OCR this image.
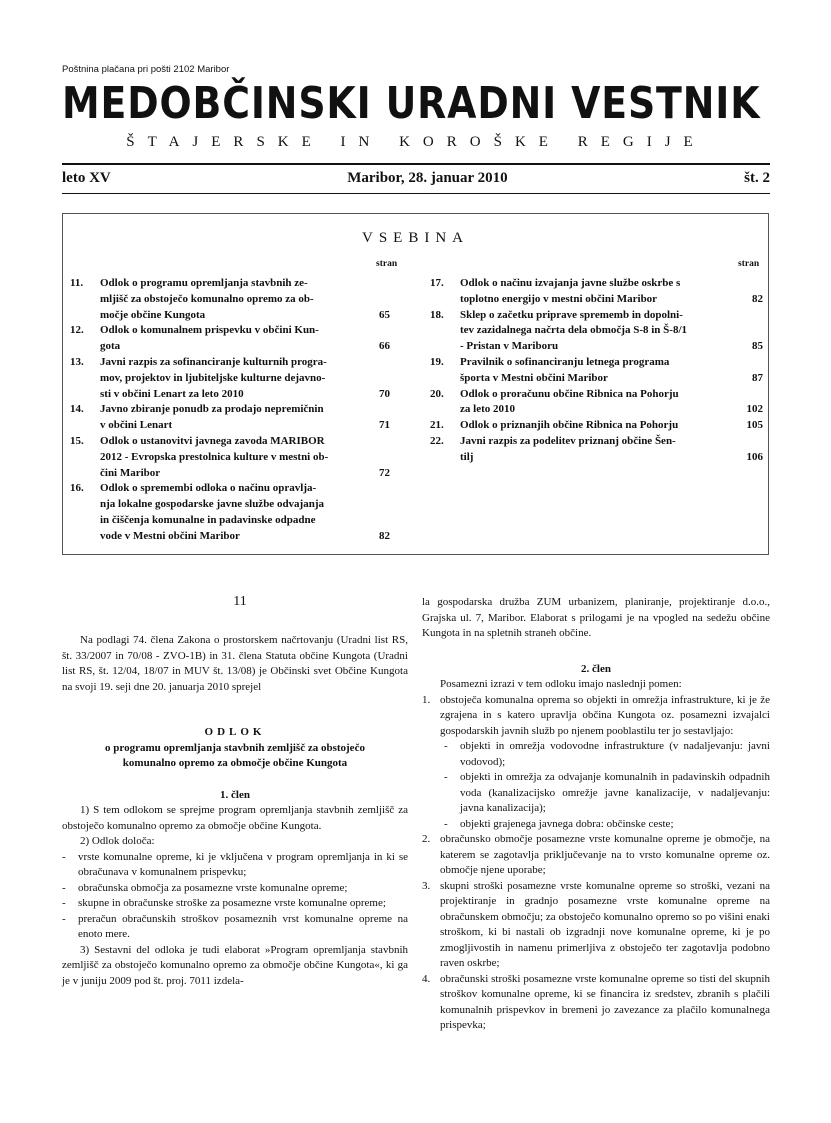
Poštnina plačana pri pošti 2102 Maribor
MEDOBČINSKI URADNI VESTNIK
ŠTAJERSKE IN KOROŠKE REGIJE
leto XV	Maribor, 28. januar 2010	št. 2
VSEBINA
stran	stran
11.	Odlok o programu opremljanja stavbnih ze-
mljišč za obstoječo komunalno opremo za ob-
močje občine Kungota	65
12.	Odlok o komunalnem prispevku v občini Kun-
gota	66
13.	Javni razpis za sofinanciranje kulturnih progra-
mov, projektov in ljubiteljske kulturne dejavno-
sti v občini Lenart za leto 2010	70
14.	Javno zbiranje ponudb za prodajo nepremičnin
v občini Lenart	71
15.	Odlok o ustanovitvi javnega zavoda MARIBOR
2012 - Evropska prestolnica kulture v mestni ob-
čini Maribor	72
16.	Odlok o spremembi odloka o načinu opravlja-
nja lokalne gospodarske javne službe odvajanja
in čiščenja komunalne in padavinske odpadne
vode v Mestni občini Maribor	82
17.	Odlok o načinu izvajanja javne službe oskrbe s
toplotno energijo v mestni občini Maribor	82
18.	Sklep o začetku priprave sprememb in dopolni-
tev zazidalnega načrta dela območja S-8 in Š-8/1
- Pristan v Mariboru	85
19.	Pravilnik o sofinanciranju letnega programa
športa v Mestni občini Maribor	87
20.	Odlok o proračunu občine Ribnica na Pohorju
za leto 2010	102
21.	Odlok o priznanjih občine Ribnica na Pohorju	105
22.	Javni razpis za podelitev priznanj občine Šen-
tilj	106
11
Na podlagi 74. člena Zakona o prostorskem načrtovanju (Uradni list RS, št. 33/2007 in 70/08 - ZVO-1B) in 31. člena Statuta občine Kungota (Uradni list RS, št. 12/04, 18/07 in MUV št. 13/08) je Občinski svet Občine Kungota na svoji 19. seji dne 20. januarja 2010 sprejel
ODLOK
o programu opremljanja stavbnih zemljišč za obstoječo komunalno opremo za območje občine Kungota
1. člen
1) S tem odlokom se sprejme program opremljanja stavbnih zemljišč za obstoječo komunalno opremo za območje občine Kungota.
2) Odlok določa:
-	vrste komunalne opreme, ki je vključena v program opremljanja in ki se obračunava v komunalnem prispevku;
-	obračunska območja za posamezne vrste komunalne opreme;
-	skupne in obračunske stroške za posamezne vrste komunalne opreme;
-	preračun obračunskih stroškov posameznih vrst komunalne opreme na enoto mere.
3) Sestavni del odloka je tudi elaborat »Program opremljanja stavbnih zemljišč za obstoječo komunalno opremo za območje občine Kungota«, ki ga je v juniju 2009 pod št. proj. 7011 izdela-
la gospodarska družba ZUM urbanizem, planiranje, projektiranje d.o.o., Grajska ul. 7, Maribor. Elaborat s prilogami je na vpogled na sedežu občine Kungota in na spletnih straneh občine.
2. člen
Posamezni izrazi v tem odloku imajo naslednji pomen:
1. obstoječa komunalna oprema so objekti in omrežja infrastrukture, ki je že zgrajena in s katero upravlja občina Kungota oz. posamezni izvajalci gospodarskih javnih služb po njenem pooblastilu ter jo sestavljajo:
-	objekti in omrežja vodovodne infrastrukture (v nadaljevanju: javni vodovod);
-	objekti in omrežja za odvajanje komunalnih in padavinskih odpadnih voda (kanalizacijsko omrežje javne kanalizacije, v nadaljevanju: javna kanalizacija);
-	objekti grajenega javnega dobra: občinske ceste;
2. obračunsko območje posamezne vrste komunalne opreme je območje, na katerem se zagotavlja priključevanje na to vrsto komunalne opreme oz. območje njene uporabe;
3. skupni stroški posamezne vrste komunalne opreme so stroški, vezani na projektiranje in gradnjo posamezne vrste komunalne opreme na obračunskem območju; za obstoječo komunalno opremo so po višini enaki stroškom, ki bi nastali ob izgradnji nove komunalne opreme, ki je po zmogljivostih in namenu primerljiva z obstoječo ter zagotavlja podobno raven oskrbe;
4. obračunski stroški posamezne vrste komunalne opreme so tisti del skupnih stroškov komunalne opreme, ki se financira iz sredstev, zbranih s plačili komunalnih prispevkov in bremeni jo zavezance za plačilo komunalnega prispevka;
